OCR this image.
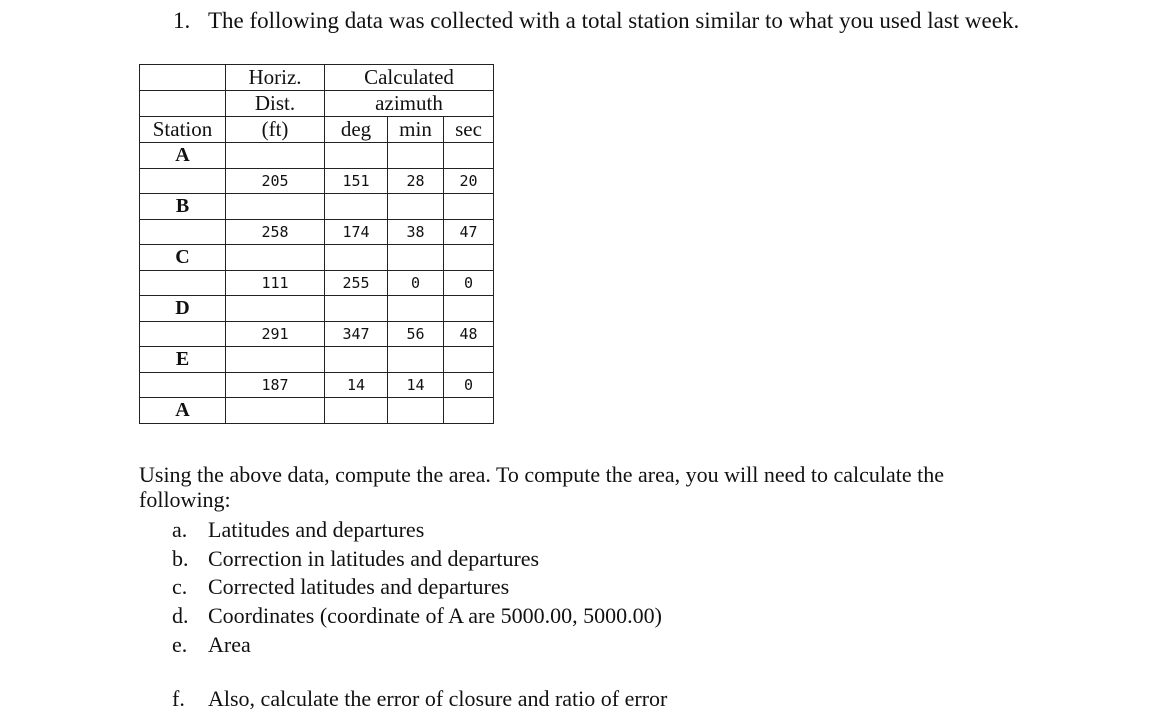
1. The following data was collected with a total station similar to what you used last week.
	Horiz.	Calculated		
	Dist.	azimuth		
Station	(ft)	deg	min	sec
A				
	205	151	28	20
B				
	258	174	38	47
C				
	111	255	0	0
D				
	291	347	56	48
E				
	187	14	14	0
A				
Using the above data, compute the area. To compute the area, you will need to calculate the following:
a. Latitudes and departures
b. Correction in latitudes and departures
c. Corrected latitudes and departures
d. Coordinates (coordinate of A are 5000.00, 5000.00)
e. Area
f. Also, calculate the error of closure and ratio of error
